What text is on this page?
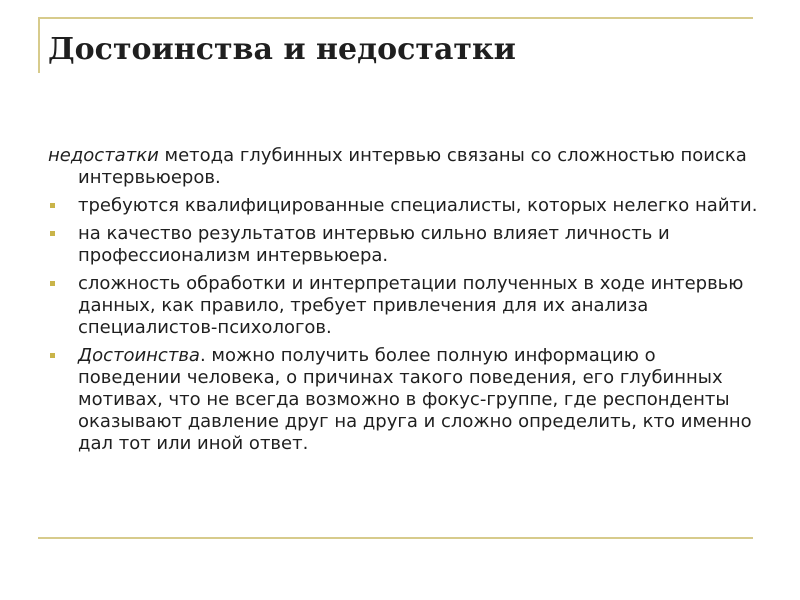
Достоинства и недостатки
недостатки метода глубинных интервью связаны со сложностью поиска интервьюеров.
требуются квалифицированные специалисты, которых нелегко найти.
на качество результатов интервью сильно влияет личность и профессионализм интервьюера.
сложность обработки и интерпретации полученных в ходе интервью данных, как правило, требует привлечения для их анализа специалистов-психологов.
Достоинства. можно получить более полную информацию о поведении человека, о причинах такого поведения, его глубинных мотивах, что не всегда возможно в фокус-группе, где респонденты оказывают давление друг на друга и сложно определить, кто именно дал тот или иной ответ.
